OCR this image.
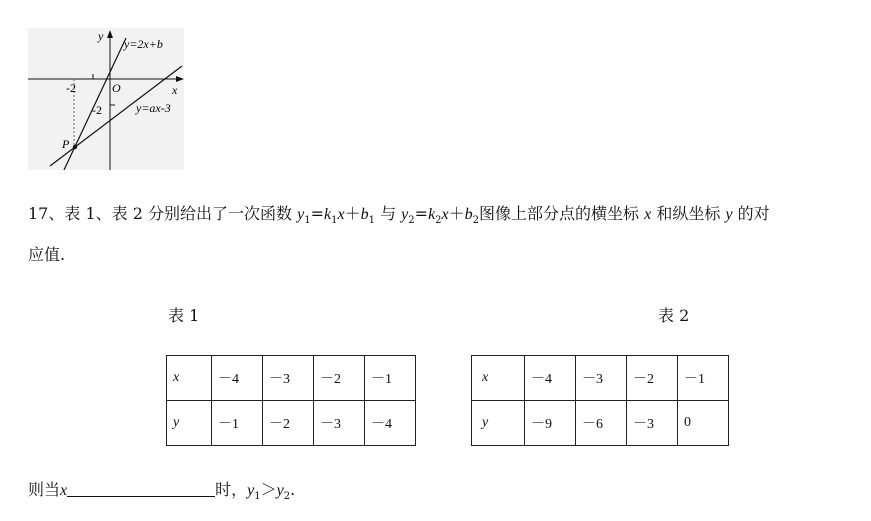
y
y=2x+b
x
-2	O
-2	y=ax-3
P
17、表 1、表 2 分别给出了一次函数 $y_1=k_1x+b_1$ 与 $y_2=k_2x+b_2$图像上部分点的横坐标 x 和纵坐标 y 的对
应值.
表 1	表 2
x	－4	－3	－2	－1
y	－1	－2	－3	－4
x	－4	－3	－2	－1
y	－9	－6	－3	0
则当x	时，$y_1>y_2$.
